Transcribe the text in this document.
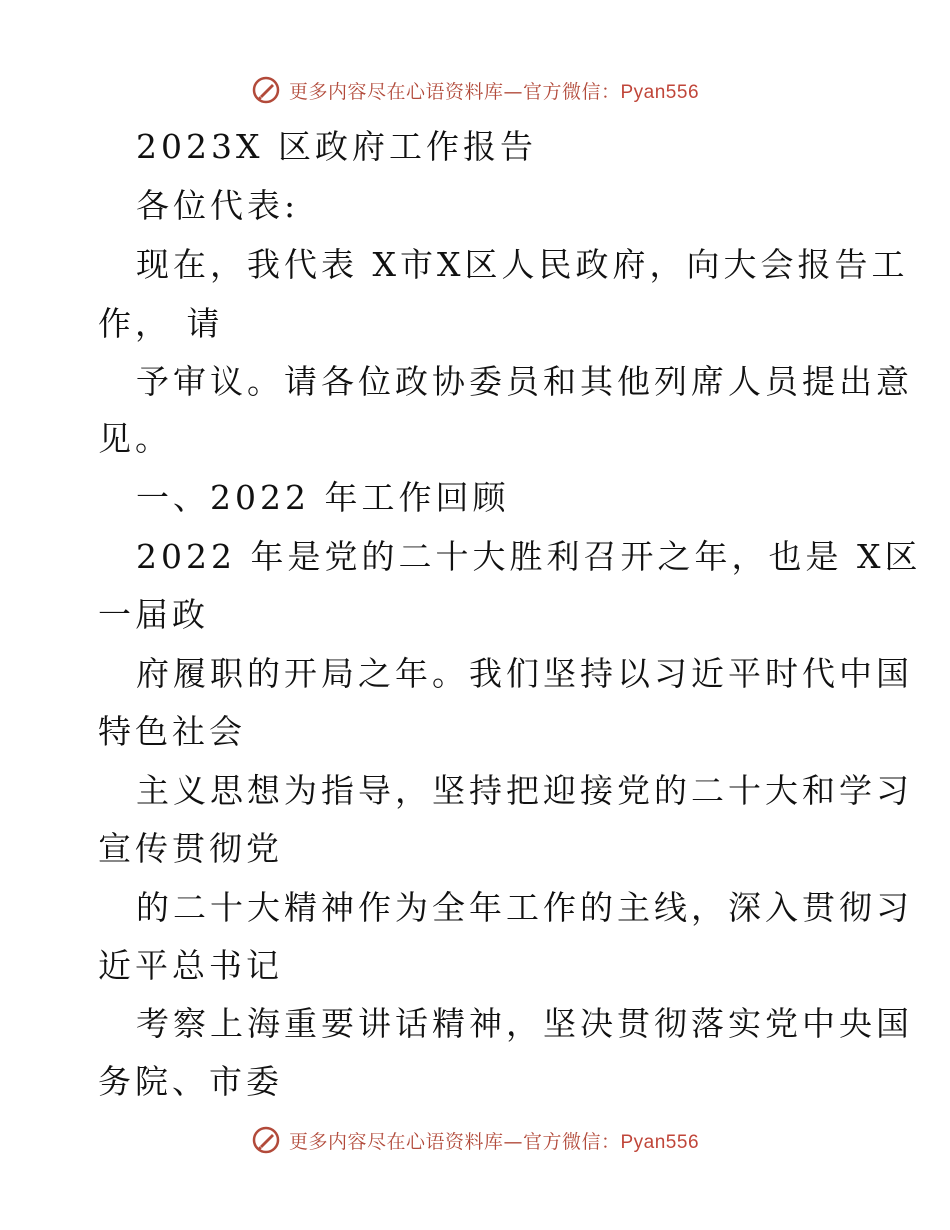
更多内容尽在心语资料库—官方微信：Pyan556
2023X 区政府工作报告
各位代表:
现在，我代表 X市X区人民政府，向大会报告工
作， 请
予审议。请各位政协委员和其他列席人员提出意
见。
一、2022 年工作回顾
2022 年是党的二十大胜利召开之年，也是 X区
一届政
府履职的开局之年。我们坚持以习近平时代中国
特色社会
主义思想为指导，坚持把迎接党的二十大和学习
宣传贯彻党
的二十大精神作为全年工作的主线，深入贯彻习
近平总书记
考察上海重要讲话精神，坚决贯彻落实党中央国
务院、市委
更多内容尽在心语资料库—官方微信：Pyan556
